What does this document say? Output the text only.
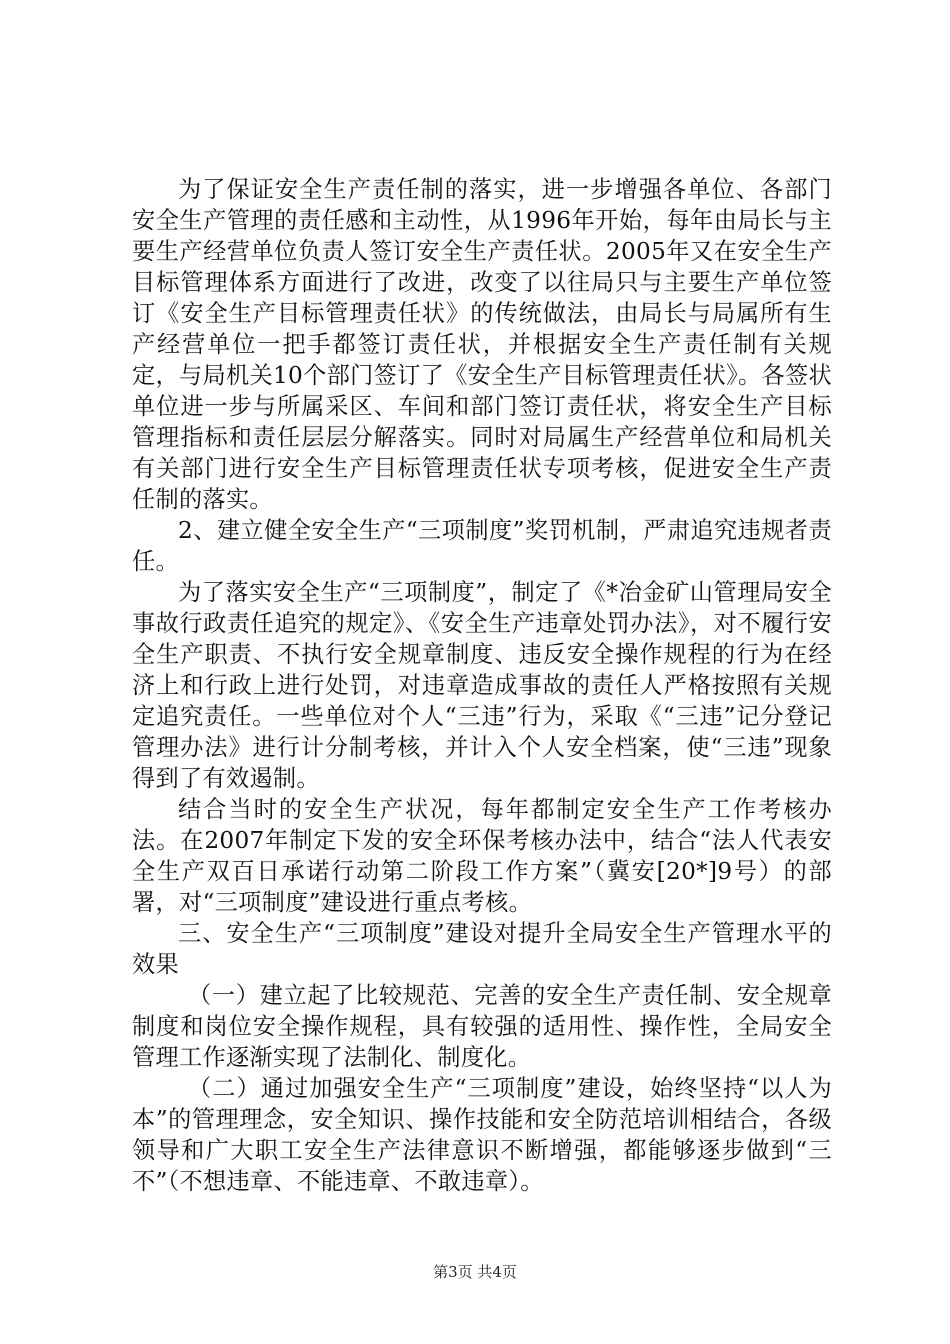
为了保证安全生产责任制的落实，进一步增强各单位、各部门安全生产管理的责任感和主动性，从1996年开始，每年由局长与主要生产经营单位负责人签订安全生产责任状。2005年又在安全生产目标管理体系方面进行了改进，改变了以往局只与主要生产单位签订《安全生产目标管理责任状》的传统做法，由局长与局属所有生产经营单位一把手都签订责任状，并根据安全生产责任制有关规定，与局机关10个部门签订了《安全生产目标管理责任状》。各签状单位进一步与所属采区、车间和部门签订责任状，将安全生产目标管理指标和责任层层分解落实。同时对局属生产经营单位和局机关有关部门进行安全生产目标管理责任状专项考核，促进安全生产责任制的落实。

2、建立健全安全生产“三项制度”奖罚机制，严肃追究违规者责任。

为了落实安全生产“三项制度”，制定了《*冶金矿山管理局安全事故行政责任追究的规定》、《安全生产违章处罚办法》，对不履行安全生产职责、不执行安全规章制度、违反安全操作规程的行为在经济上和行政上进行处罚，对违章造成事故的责任人严格按照有关规定追究责任。一些单位对个人“三违”行为，采取《“三违”记分登记管理办法》进行计分制考核，并计入个人安全档案，使“三违”现象得到了有效遏制。

结合当时的安全生产状况，每年都制定安全生产工作考核办法。在2007年制定下发的安全环保考核办法中，结合“法人代表安全生产双百日承诺行动第二阶段工作方案”（冀安[20*]9号）的部署，对“三项制度”建设进行重点考核。

三、安全生产“三项制度”建设对提升全局安全生产管理水平的效果

（一）建立起了比较规范、完善的安全生产责任制、安全规章制度和岗位安全操作规程，具有较强的适用性、操作性，全局安全管理工作逐渐实现了法制化、制度化。

（二）通过加强安全生产“三项制度”建设，始终坚持“以人为本”的管理理念，安全知识、操作技能和安全防范培训相结合，各级领导和广大职工安全生产法律意识不断增强，都能够逐步做到“三不”（不想违章、不能违章、不敢违章）。

第3页 共4页
